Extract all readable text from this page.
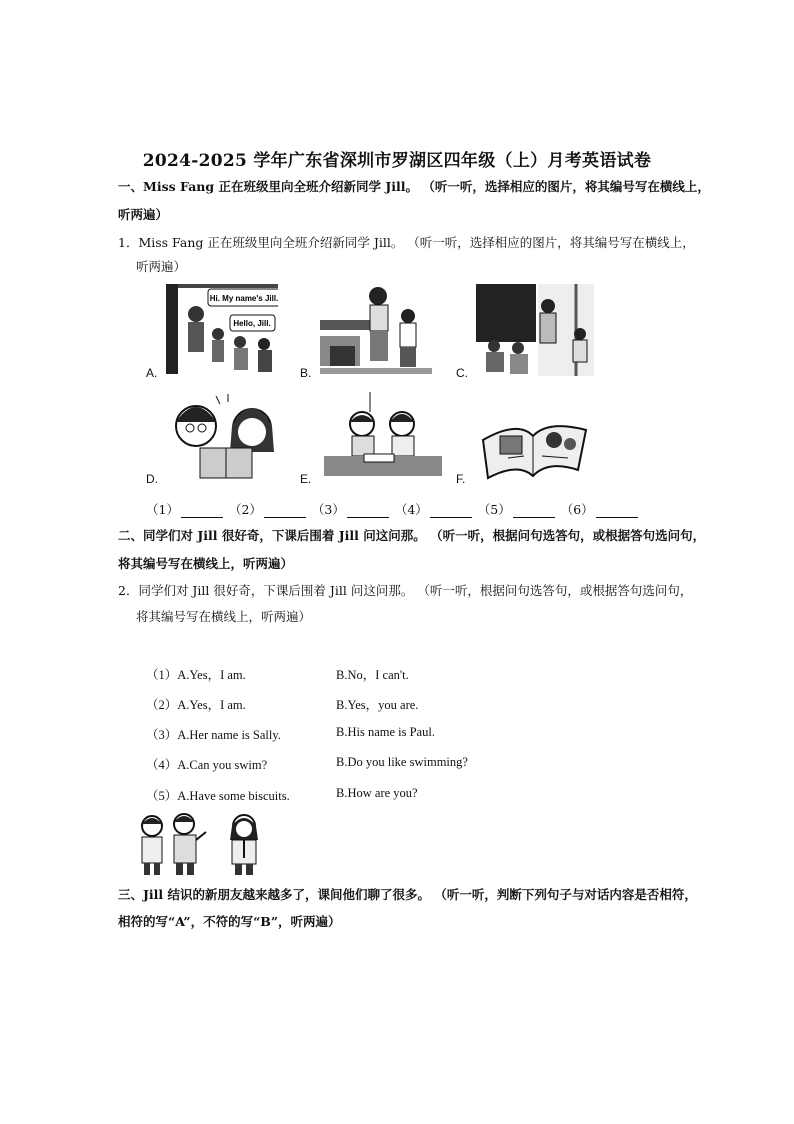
2024-2025 学年广东省深圳市罗湖区四年级（上）月考英语试卷
一、Miss Fang 正在班级里向全班介绍新同学 Jill。 （听一听，选择相应的图片，将其编号写在横线上，
听两遍）
1．Miss Fang 正在班级里向全班介绍新同学 Jill。 （听一听，选择相应的图片，将其编号写在横线上，
听两遍）
Hi. My name's Jill.
Hello, Jill.
A.	B.	C.
D.	E.	F.
（1）	（2）	（3）	（4）	（5）	（6）
二、同学们对 Jill 很好奇，下课后围着 Jill 问这问那。 （听一听，根据问句选答句，或根据答句选问句，
将其编号写在横线上，听两遍）
2．同学们对 Jill 很好奇，下课后围着 Jill 问这问那。 （听一听，根据问句选答句，或根据答句选问句，
将其编号写在横线上，听两遍）
（1）A.Yes，I am.	B.No，I can't.
（2）A.Yes，I am.	B.Yes，you are.
（3）A.Her name is Sally.	B.His name is Paul.
（4）A.Can you swim?	B.Do you like swimming?
（5）A.Have some biscuits.	B.How are you?
三、Jill 结识的新朋友越来越多了，课间他们聊了很多。 （听一听，判断下列句子与对话内容是否相符，
相符的写“A”，不符的写“B”，听两遍）
